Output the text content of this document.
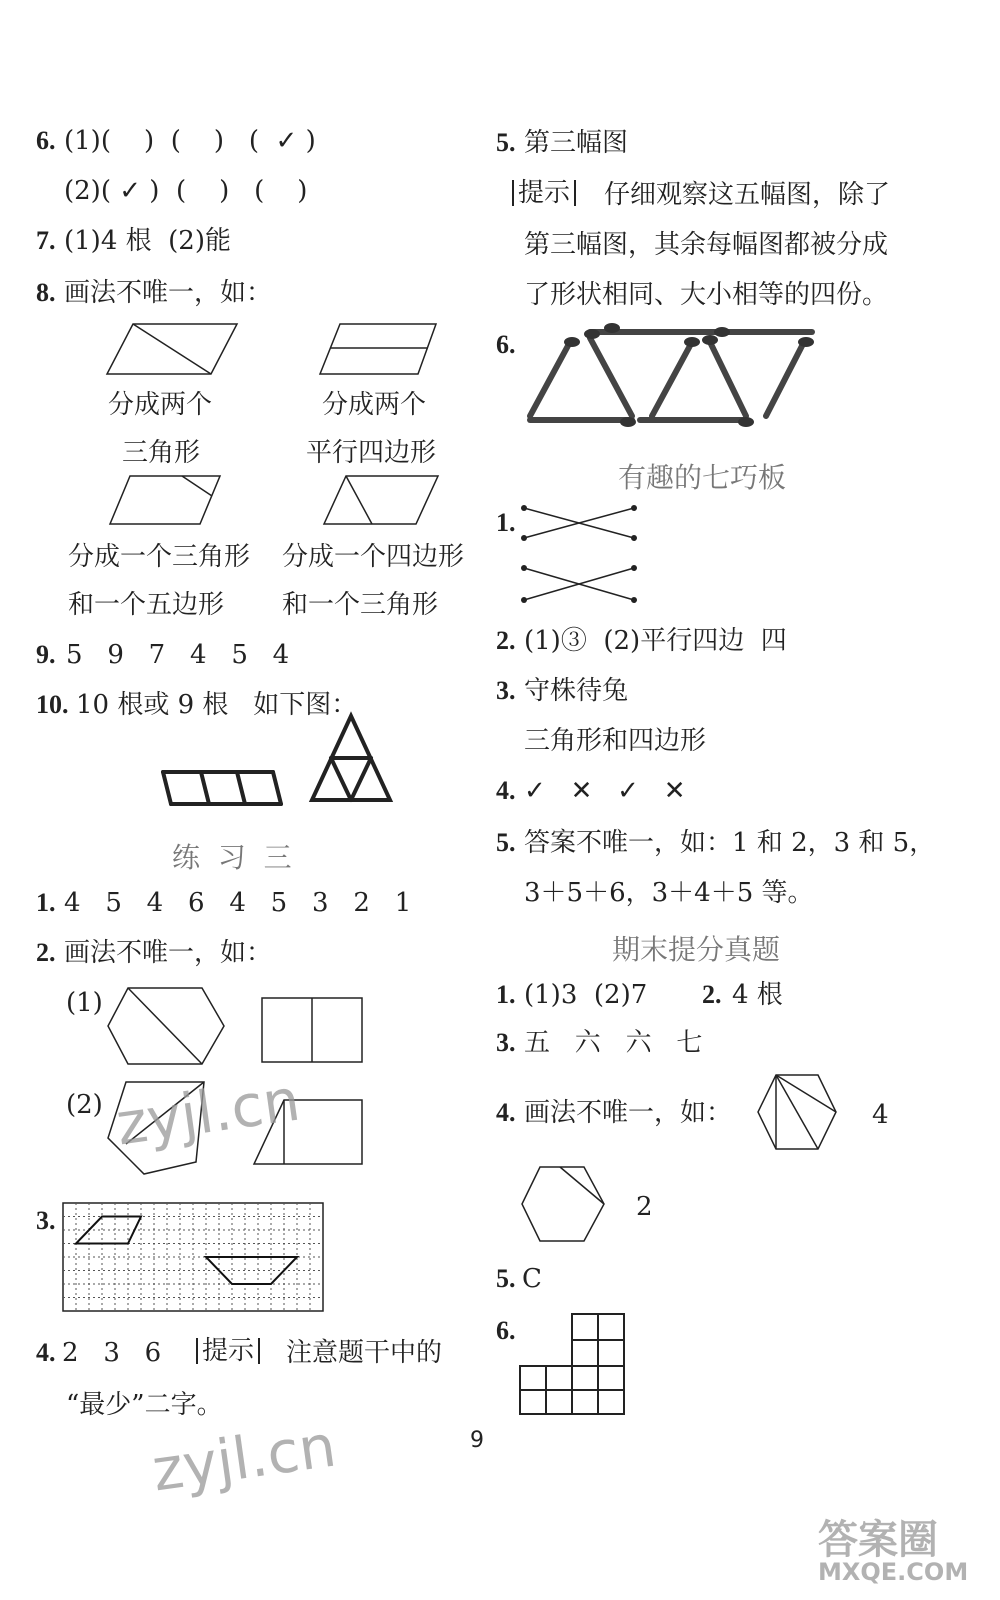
6. (1)(    )  (    )   (  ✓ )
(2)( ✓ )  (    )   (    )
7. (1)4 根  (2)能
8. 画法不唯一，如：
分成两个
三角形
分成两个
平行四边形
分成一个三角形
和一个五边形
分成一个四边形
和一个三角形
9. 5   9   7   4   5   4
10. 10 根或 9 根   如下图：
练  习  三
1. 4   5   4   6   4   5   3   2   1
2. 画法不唯一，如：
(1)
(2)
3.
4. 2   3   6 提示 注意题干中的
“最少”二字。
5. 第三幅图
提示 仔细观察这五幅图，除了
第三幅图，其余每幅图都被分成
了形状相同、大小相等的四份。
6.
有趣的七巧板
1.
2. (1)③  (2)平行四边  四
3. 守株待兔
三角形和四边形
4. ✓   ✕   ✓   ✕
5. 答案不唯一，如：1 和 2，3 和 5，
3＋5＋6，3＋4＋5 等。
期末提分真题
1. (1)3  (2)7 2. 4 根
3. 五   六   六   七
4. 画法不唯一，如：	4
2
5. C
6.
9
zyjl.cn
zyjl.cn
答案圈
MXQE.COM
